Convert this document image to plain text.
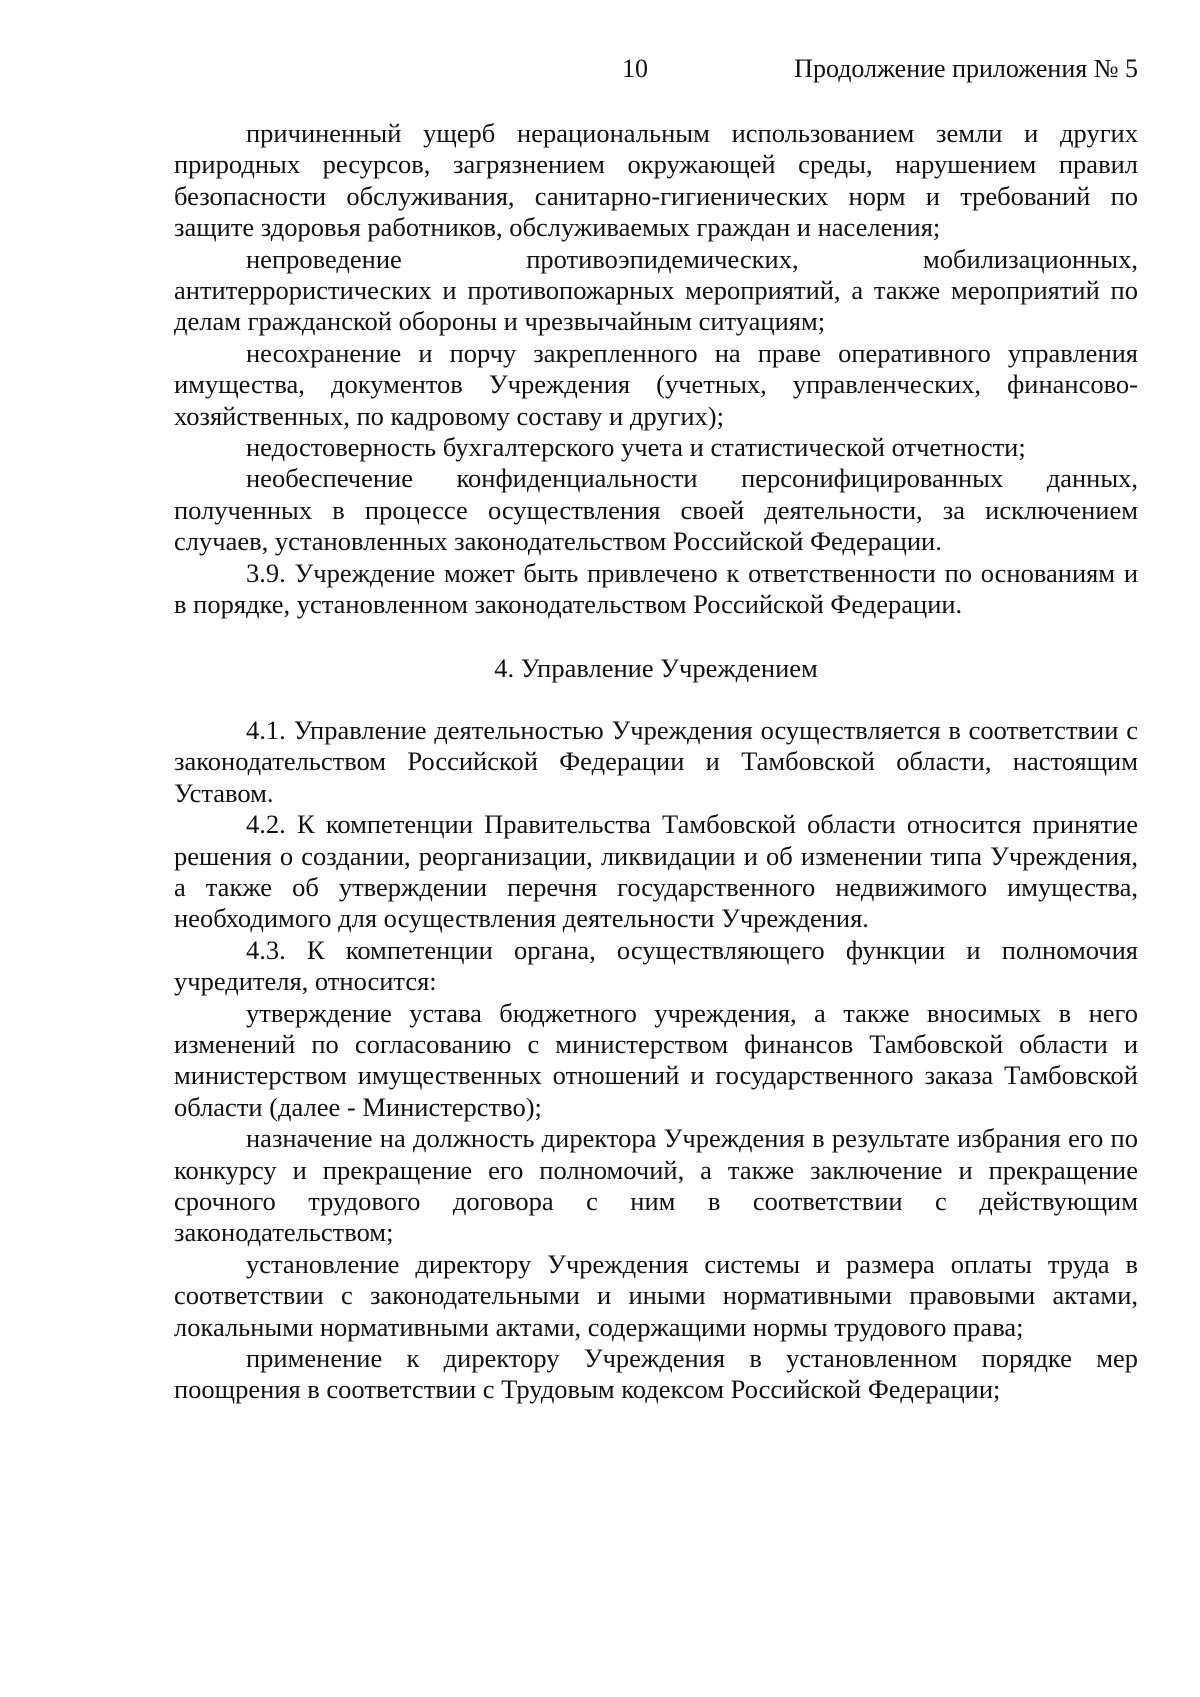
10	Продолжение приложения № 5

причиненный ущерб нерациональным использованием земли и других природных ресурсов, загрязнением окружающей среды, нарушением правил безопасности обслуживания, санитарно-гигиенических норм и требований по защите здоровья работников, обслуживаемых граждан и населения;

непроведение противоэпидемических, мобилизационных, антитеррористических и противопожарных мероприятий, а также мероприятий по делам гражданской обороны и чрезвычайным ситуациям;

несохранение и порчу закрепленного на праве оперативного управления имущества, документов Учреждения (учетных, управленческих, финансово-хозяйственных, по кадровому составу и других);

недостоверность бухгалтерского учета и статистической отчетности;

необеспечение конфиденциальности персонифицированных данных, полученных в процессе осуществления своей деятельности, за исключением случаев, установленных законодательством Российской Федерации.

3.9. Учреждение может быть привлечено к ответственности по основаниям и в порядке, установленном законодательством Российской Федерации.

4. Управление Учреждением

4.1. Управление деятельностью Учреждения осуществляется в соответствии с законодательством Российской Федерации и Тамбовской области, настоящим Уставом.

4.2. К компетенции Правительства Тамбовской области относится принятие решения о создании, реорганизации, ликвидации и об изменении типа Учреждения, а также об утверждении перечня государственного недвижимого имущества, необходимого для осуществления деятельности Учреждения.

4.3. К компетенции органа, осуществляющего функции и полномочия учредителя, относится:

утверждение устава бюджетного учреждения, а также вносимых в него изменений по согласованию с министерством финансов Тамбовской области и министерством имущественных отношений и государственного заказа Тамбовской области (далее - Министерство);

назначение на должность директора Учреждения в результате избрания его по конкурсу и прекращение его полномочий, а также заключение и прекращение срочного трудового договора с ним в соответствии с действующим законодательством;

установление директору Учреждения системы и размера оплаты труда в соответствии с законодательными и иными нормативными правовыми актами, локальными нормативными актами, содержащими нормы трудового права;

применение к директору Учреждения в установленном порядке мер поощрения в соответствии с Трудовым кодексом Российской Федерации;
